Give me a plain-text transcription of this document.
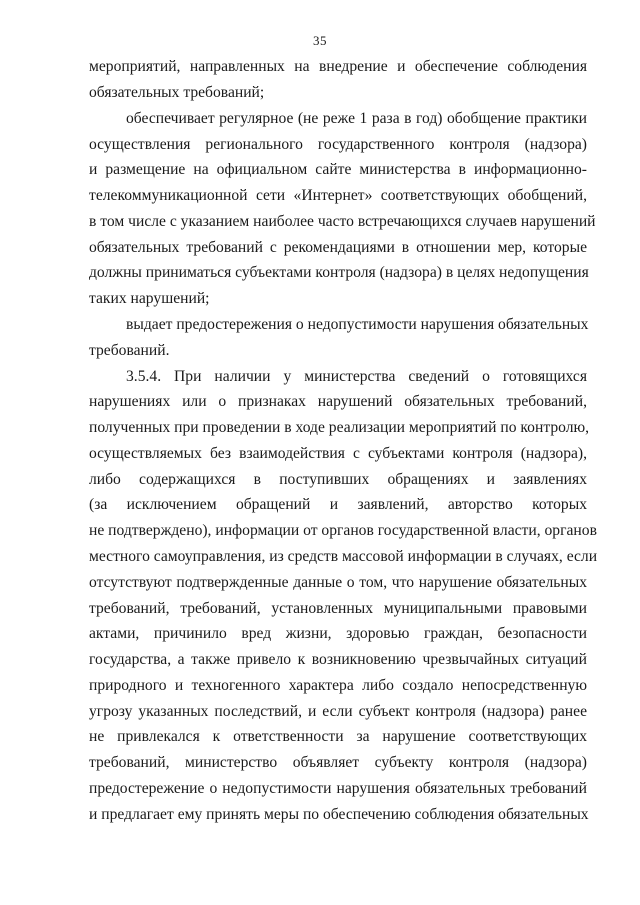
35
мероприятий, направленных на внедрение и обеспечение соблюдения
обязательных требований;
обеспечивает регулярное (не реже 1 раза в год) обобщение практики
осуществления регионального государственного контроля (надзора)
и размещение на официальном сайте министерства в информационно-
телекоммуникационной сети «Интернет» соответствующих обобщений,
в том числе с указанием наиболее часто встречающихся случаев нарушений
обязательных требований с рекомендациями в отношении мер, которые
должны приниматься субъектами контроля (надзора) в целях недопущения
таких нарушений;
выдает предостережения о недопустимости нарушения обязательных
требований.
3.5.4. При наличии у министерства сведений о готовящихся
нарушениях или о признаках нарушений обязательных требований,
полученных при проведении в ходе реализации мероприятий по контролю,
осуществляемых без взаимодействия с субъектами контроля (надзора),
либо содержащихся в поступивших обращениях и заявлениях
(за исключением обращений и заявлений, авторство которых
не подтверждено), информации от органов государственной власти, органов
местного самоуправления, из средств массовой информации в случаях, если
отсутствуют подтвержденные данные о том, что нарушение обязательных
требований, требований, установленных муниципальными правовыми
актами, причинило вред жизни, здоровью граждан, безопасности
государства, а также привело к возникновению чрезвычайных ситуаций
природного и техногенного характера либо создало непосредственную
угрозу указанных последствий, и если субъект контроля (надзора) ранее
не привлекался к ответственности за нарушение соответствующих
требований, министерство объявляет субъекту контроля (надзора)
предостережение о недопустимости нарушения обязательных требований
и предлагает ему принять меры по обеспечению соблюдения обязательных
